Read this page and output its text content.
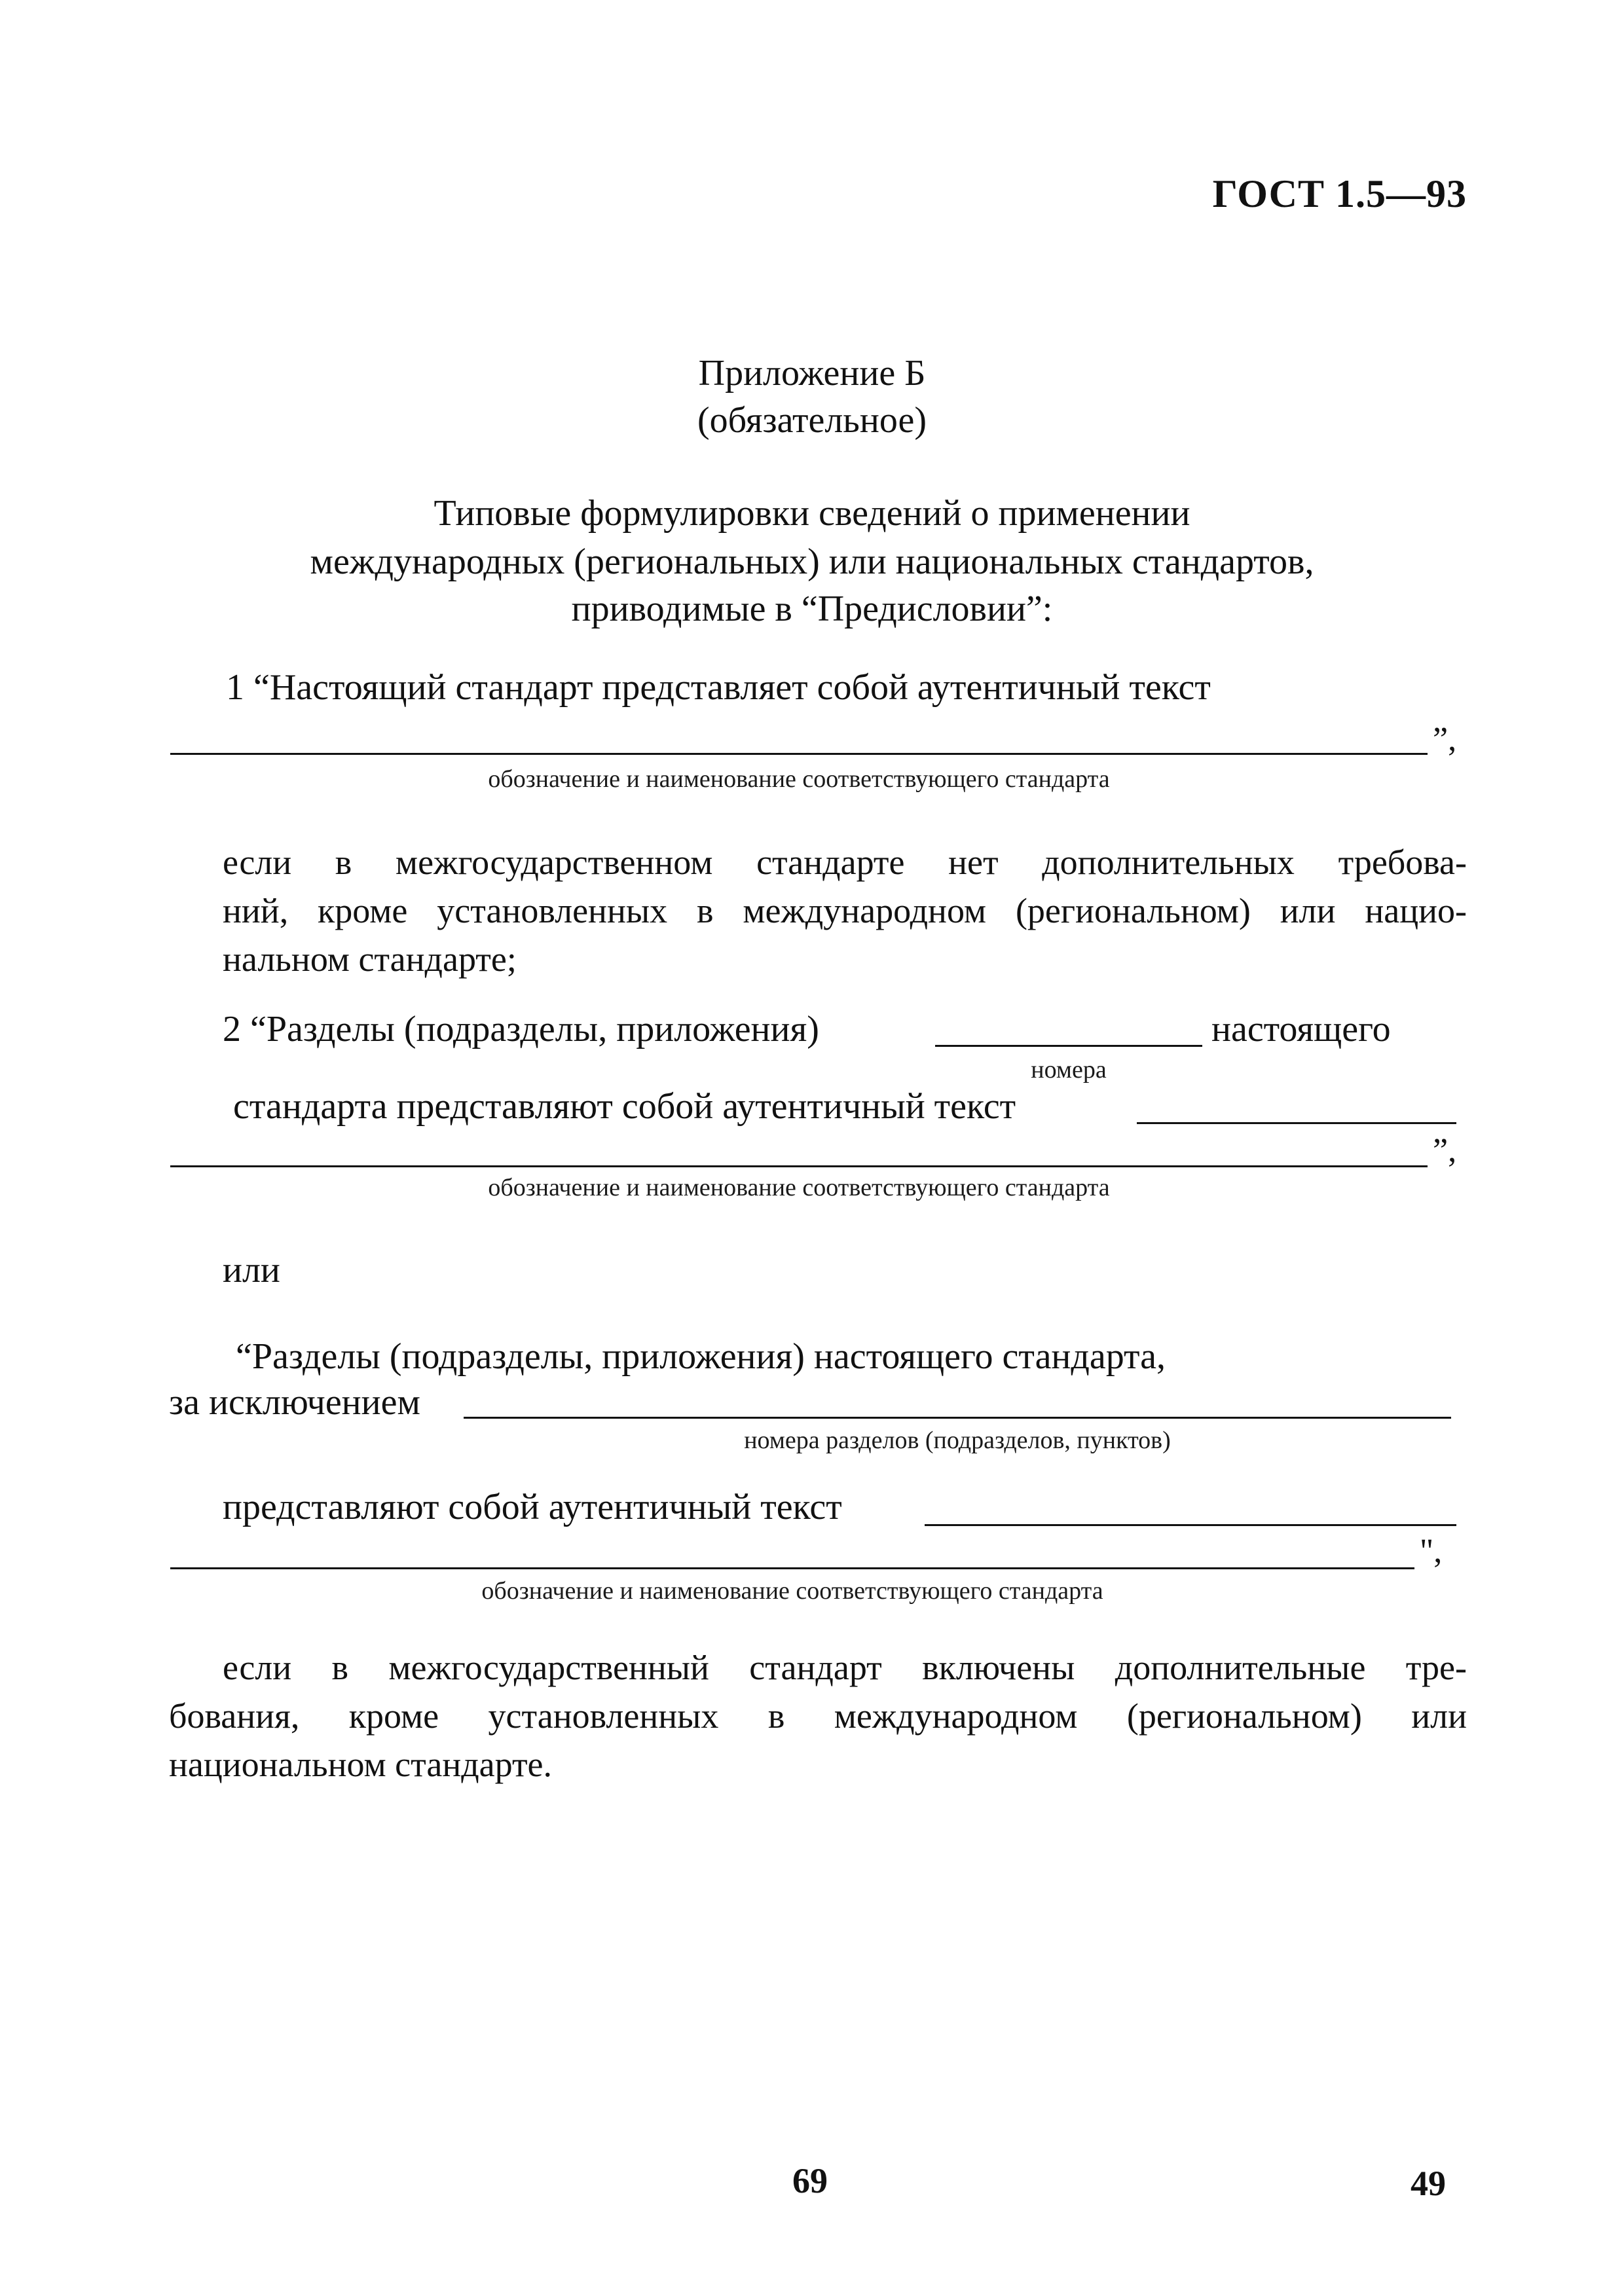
ГОСТ 1.5—93
Приложение Б
(обязательное)
Типовые формулировки сведений о применении
международных (региональных) или национальных стандартов,
приводимые в “Предисловии”:
1 “Настоящий стандарт представляет собой аутентичный текст
”,
обозначение и наименование соответствующего стандарта
если в межгосударственном стандарте нет дополнительных требова-
ний, кроме установленных в международном (региональном) или нацио-
нальном стандарте;
2 “Разделы (подразделы, приложения)	настоящего
номера
стандарта представляют собой аутентичный текст
”,
обозначение и наименование соответствующего стандарта
или
“Разделы (подразделы, приложения) настоящего стандарта,
за исключением
номера разделов (подразделов, пунктов)
представляют собой аутентичный текст
",
обозначение и наименование соответствующего стандарта
если в межгосударственный стандарт включены дополнительные тре-
бования, кроме установленных в международном (региональном) или
национальном стандарте.
69	49
